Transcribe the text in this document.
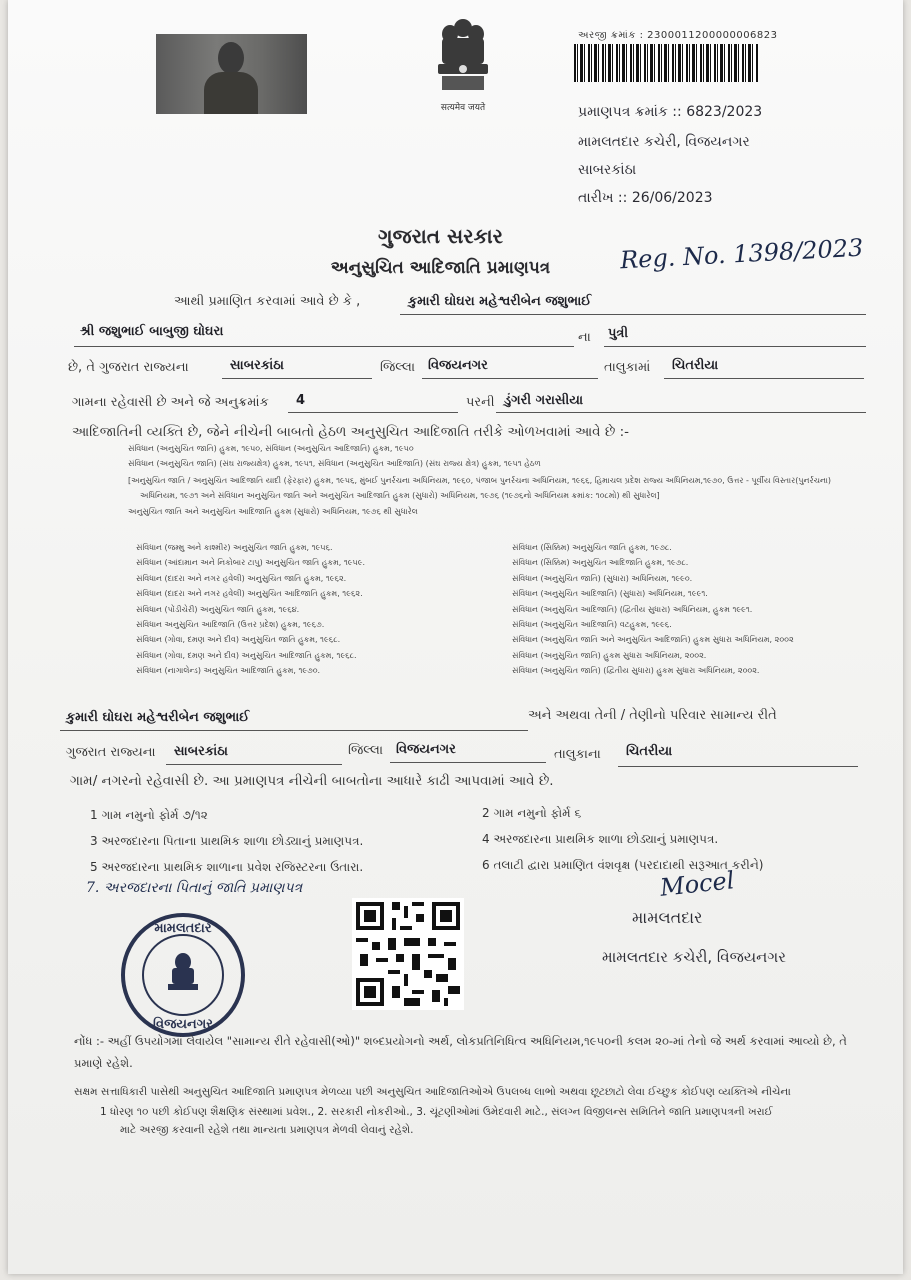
सत्यमेव जयते
અરજી ક્રમાંક : 2300011200000006823
પ્રમાણપત્ર ક્રમાંક :: 6823/2023
મામલતદાર કચેરી, વિજયનગર
સાબરકાંઠા
તારીખ :: 26/06/2023
ગુજરાત સરકાર
અનુસુચિત આદિજાતિ પ્રમાણપત્ર	Reg. No. 1398/2023
આથી પ્રમાણિત કરવામાં આવે છે કે ,	કુમારી ઘોઘરા મહેશ્વરીબેન જશુભાઈ
શ્રી જશુભાઈ બાબુજી ઘોઘરા	ના પુત્રી
છે, તે ગુજરાત રાજ્યના	સાબરકાંઠા	જિલ્લા વિજયનગર	તાલુકામાં ચિતરીયા
ગામના રહેવાસી છે અને જે અનુક્રમાંક 4	પરની ડુંગરી ગરાસીયા
આદિજાતિની વ્યક્તિ છે, જેને નીચેની બાબતો હેઠળ અનુસુચિત આદિજાતિ તરીકે ઓળખવામાં આવે છે :-
સંવિધાન (અનુસુચિત જાતિ) હુકમ, ૧૯૫૦, સંવિધાન (અનુસુચિત આદિજાતિ) હુકમ, ૧૯૫૦
સંવિધાન (અનુસુચિત જાતિ) (સંઘ રાજ્યક્ષેત્ર) હુકમ, ૧૯૫૧, સંવિધાન (અનુસુચિત આદિજાતિ) (સંઘ રાજ્ય ક્ષેત્ર) હુકમ, ૧૯૫૧ હેઠળ
[અનુસુચિત જાતિ / અનુસુચિત આદિજાતિ યાદી (ફેરફાર) હુકમ, ૧૯૫૬, મુંબઈ પુનર્રચના અધિનિયમ, ૧૯૬૦, પંજાબ પુનર્રચના અધિનિયમ, ૧૯૬૬, હિમાચલ પ્રદેશ રાજ્ય અધિનિયમ,૧૯૭૦, ઉત્તર - પૂર્વીય વિસ્તાર(પુનર્રચના)
અધિનિયમ, ૧૯૭૧ અને સંવિધાન અનુસુચિત જાતિ અને અનુસુચિત આદિજાતિ હુકમ (સુધારો) અધિનિયમ, ૧૯૭૬ (૧૯૭૬નો અધિનિયમ ક્રમાંક: ૧૦૮મો) થી સુધારેલ]
અનુસુચિત જાતિ અને અનુસુચિત આદિજાતિ હુકમ (સુધારો) અધિનિયમ, ૧૯૭૬ થી સુધારેલ
સંવિધાન (જમ્મુ અને કાશ્મીર) અનુસુચિત જાતિ હુકમ, ૧૯૫૬.
સંવિધાન (આંદામાન અને નિકોબાર ટાપુ) અનુસુચિત જાતિ હુકમ, ૧૯૫૯.
સંવિધાન (દાદરા અને નગર હવેલી) અનુસુચિત જાતિ હુકમ, ૧૯૬૨.
સંવિધાન (દાદરા અને નગર હવેલી) અનુસુચિત આદિજાતિ હુકમ, ૧૯૬૨.
સંવિધાન (પોંડીચેરી) અનુસુચિત જાતિ હુકમ, ૧૯૬૪.
સંવિધાન અનુસુચિત આદિજાતિ (ઉત્તર પ્રદેશ) હુકમ, ૧૯૬૭.
સંવિધાન (ગોવા, દમણ અને દીવ) અનુસુચિત જાતિ હુકમ, ૧૯૬૮.
સંવિધાન (ગોવા, દમણ અને દીવ) અનુસુચિત આદિજાતિ હુકમ, ૧૯૬૮.
સંવિધાન (નાગાલેન્ડ) અનુસુચિત આદિજાતિ હુકમ, ૧૯૭૦.
સંવિધાન (સિક્કિમ) અનુસુચિત જાતિ હુકમ, ૧૯૭૮.
સંવિધાન (સિક્કિમ) અનુસુચિત આદિજાતિ હુકમ, ૧૯૭૮.
સંવિધાન (અનુસુચિત જાતિ) (સુધારા) અધિનિયમ, ૧૯૯૦.
સંવિધાન (અનુસુચિત આદિજાતિ) (સુધારા) અધિનિયમ, ૧૯૯૧.
સંવિધાન (અનુસુચિત આદિજાતિ) (દ્વિતીય સુધારા) અધિનિયમ, હુકમ ૧૯૯૧.
સંવિધાન (અનુસુચિત આદિજાતિ) વટહુકમ, ૧૯૯૬.
સંવિધાન (અનુસુચિત જાતિ અને અનુસુચિત આદિજાતિ) હુકમ સુધારા અધિનિયમ, ૨૦૦૨
સંવિધાન (અનુસુચિત જાતિ) હુકમ સુધારા અધિનિયમ, ૨૦૦૨.
સંવિધાન (અનુસુચિત જાતિ) (દ્વિતીય સુધારા) હુકમ સુધારા અધિનિયમ, ૨૦૦૨.
કુમારી ઘોઘરા મહેશ્વરીબેન જશુભાઈ	અને અથવા તેની / તેણીનો પરિવાર સામાન્ય રીતે
ગુજરાત રાજ્યના સાબરકાંઠા	જિલ્લા વિજયનગર	તાલુકાના ચિતરીયા
ગામ/ નગરનો રહેવાસી છે. આ પ્રમાણપત્ર નીચેની બાબતોના આધારે કાઢી આપવામાં આવે છે.
1 ગામ નમુનો ફોર્મ ૭/૧૨	2 ગામ નમુનો ફોર્મ ૬
3 અરજદારના પિતાના પ્રાથમિક શાળા છોડ્યાનું પ્રમાણપત્ર.	4 અરજદારના પ્રાથમિક શાળા છોડ્યાનું પ્રમાણપત્ર.
5 અરજદારના પ્રાથમિક શાળાના પ્રવેશ રજિસ્ટરના ઉતારા.	6 તલાટી દ્વારા પ્રમાણિત વંશવૃક્ષ (પરદાદાથી સરૂઆત કરીને)
7. અરજદારના પિતાનું જાતિ પ્રમાણપત્ર
મામલતદાર
વિજયનગર
Mocel
મામલતદાર
મામલતદાર કચેરી, વિજયનગર
નોંધ :- અહીં ઉપયોગમાં લેવાયેલ "સામાન્ય રીતે રહેવાસી(ઓ)" શબ્દપ્રયોગનો અર્થ, લોકપ્રતિનિધિત્વ અધિનિયમ,૧૯૫૦ની કલમ ૨૦-માં તેનો જે અર્થ કરવામાં આવ્યો છે, તે
પ્રમાણે રહેશે.
સક્ષમ સત્તાધિકારી પાસેથી અનુસુચિત આદિજાતિ પ્રમાણપત્ર મેળવ્યા પછી અનુસુચિત આદિજાતિઓએ ઉપલબ્ધ લાભો અથવા છૂટછાટો લેવા ઈચ્છુક કોઈપણ વ્યક્તિએ નીચેના
1 ધોરણ ૧૦ પછી કોઈપણ શૈક્ષણિક સંસ્થામાં પ્રવેશ., 2. સરકારી નોકરીઓ., 3. ચૂંટણીઓમાં ઉમેદવારી માટે., સંલગ્ન વિજીલન્સ સમિતિને જાતિ પ્રમાણપત્રની ખરાઈ
માટે અરજી કરવાની રહેશે તથા માન્યતા પ્રમાણપત્ર મેળવી લેવાનું રહેશે.
